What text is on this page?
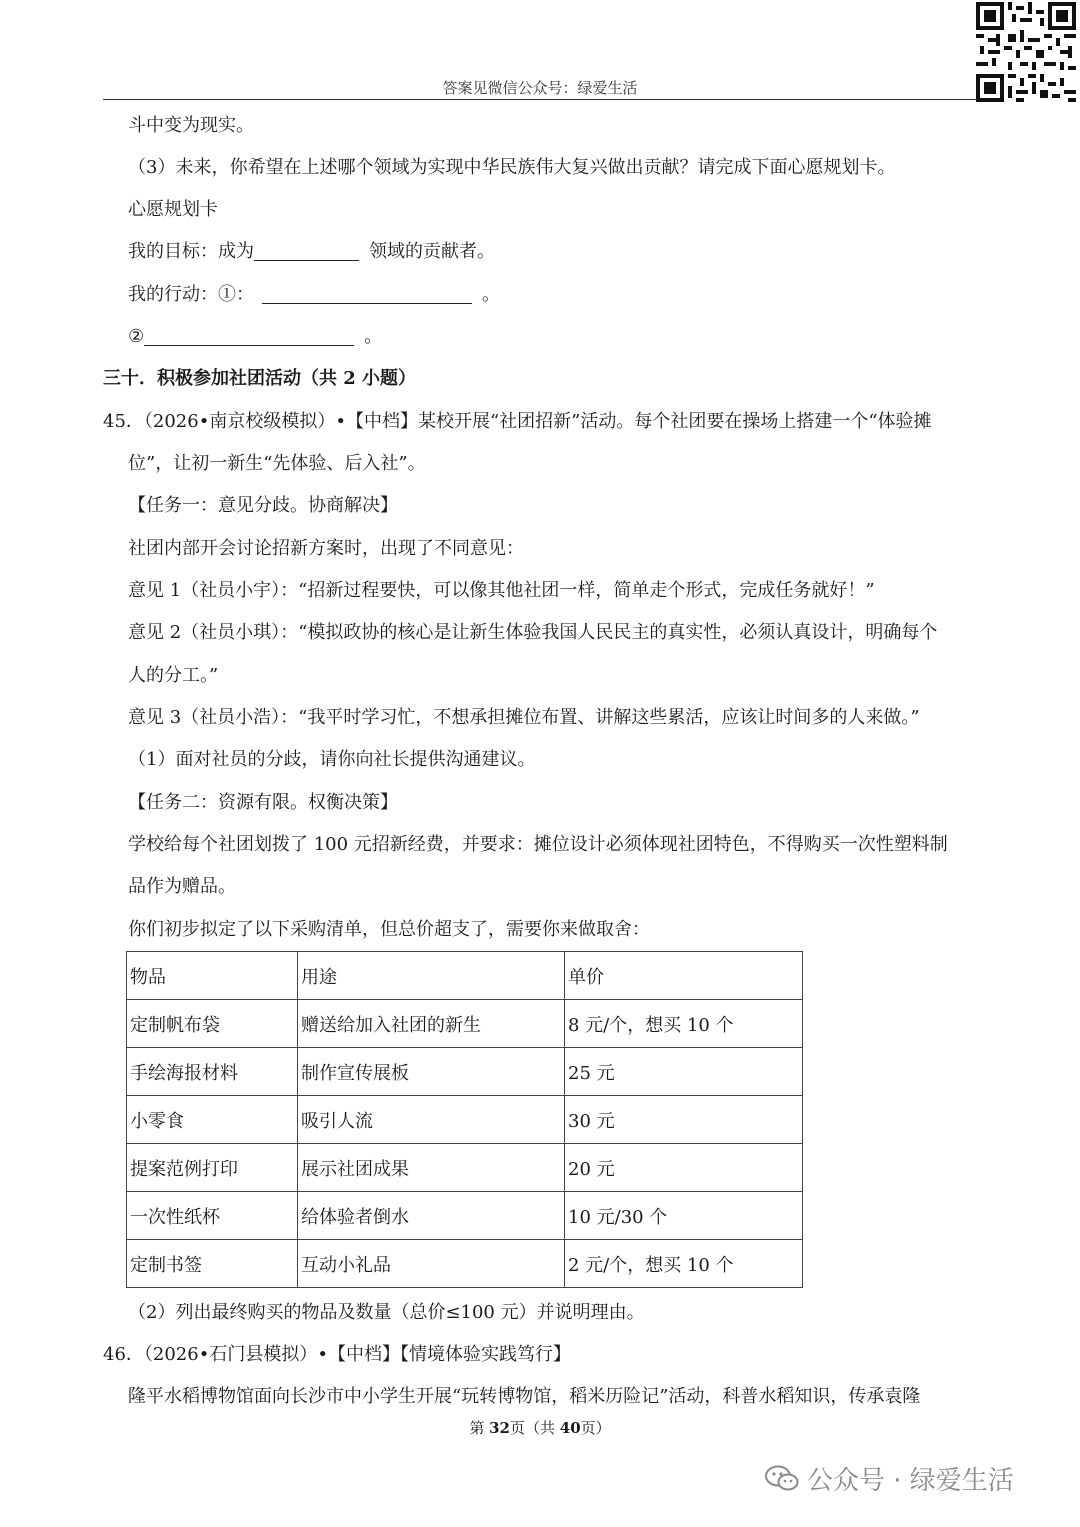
答案见微信公众号：绿爱生活
斗中变为现实。
（3）未来，你希望在上述哪个领域为实现中华民族伟大复兴做出贡献？请完成下面心愿规划卡。
心愿规划卡
我的目标：成为	领域的贡献者。
我的行动：①：	。
②	。
三十．积极参加社团活动（共 2 小题）
45．（2026•南京校级模拟）•【中档】某校开展“社团招新”活动。每个社团要在操场上搭建一个“体验摊
位”，让初一新生“先体验、后入社”。
【任务一：意见分歧。协商解决】
社团内部开会讨论招新方案时，出现了不同意见：
意见 1（社员小宇）：“招新过程要快，可以像其他社团一样，简单走个形式，完成任务就好！”
意见 2（社员小琪）：“模拟政协的核心是让新生体验我国人民民主的真实性，必须认真设计，明确每个
人的分工。”
意见 3（社员小浩）：“我平时学习忙，不想承担摊位布置、讲解这些累活，应该让时间多的人来做。”
（1）面对社员的分歧，请你向社长提供沟通建议。
【任务二：资源有限。权衡决策】
学校给每个社团划拨了 100 元招新经费，并要求：摊位设计必须体现社团特色，不得购买一次性塑料制
品作为赠品。
你们初步拟定了以下采购清单，但总价超支了，需要你来做取舍：
物品	用途	单价
定制帆布袋	赠送给加入社团的新生	8 元/个，想买 10 个
手绘海报材料	制作宣传展板	25 元
小零食	吸引人流	30 元
提案范例打印	展示社团成果	20 元
一次性纸杯	给体验者倒水	10 元/30 个
定制书签	互动小礼品	2 元/个，想买 10 个
（2）列出最终购买的物品及数量（总价≤100 元）并说明理由。
46．（2026•石门县模拟）•【中档】【情境体验实践笃行】
隆平水稻博物馆面向长沙市中小学生开展“玩转博物馆，稻米历险记”活动，科普水稻知识，传承袁隆
第 32页（共 40页）
公众号 · 绿爱生活
